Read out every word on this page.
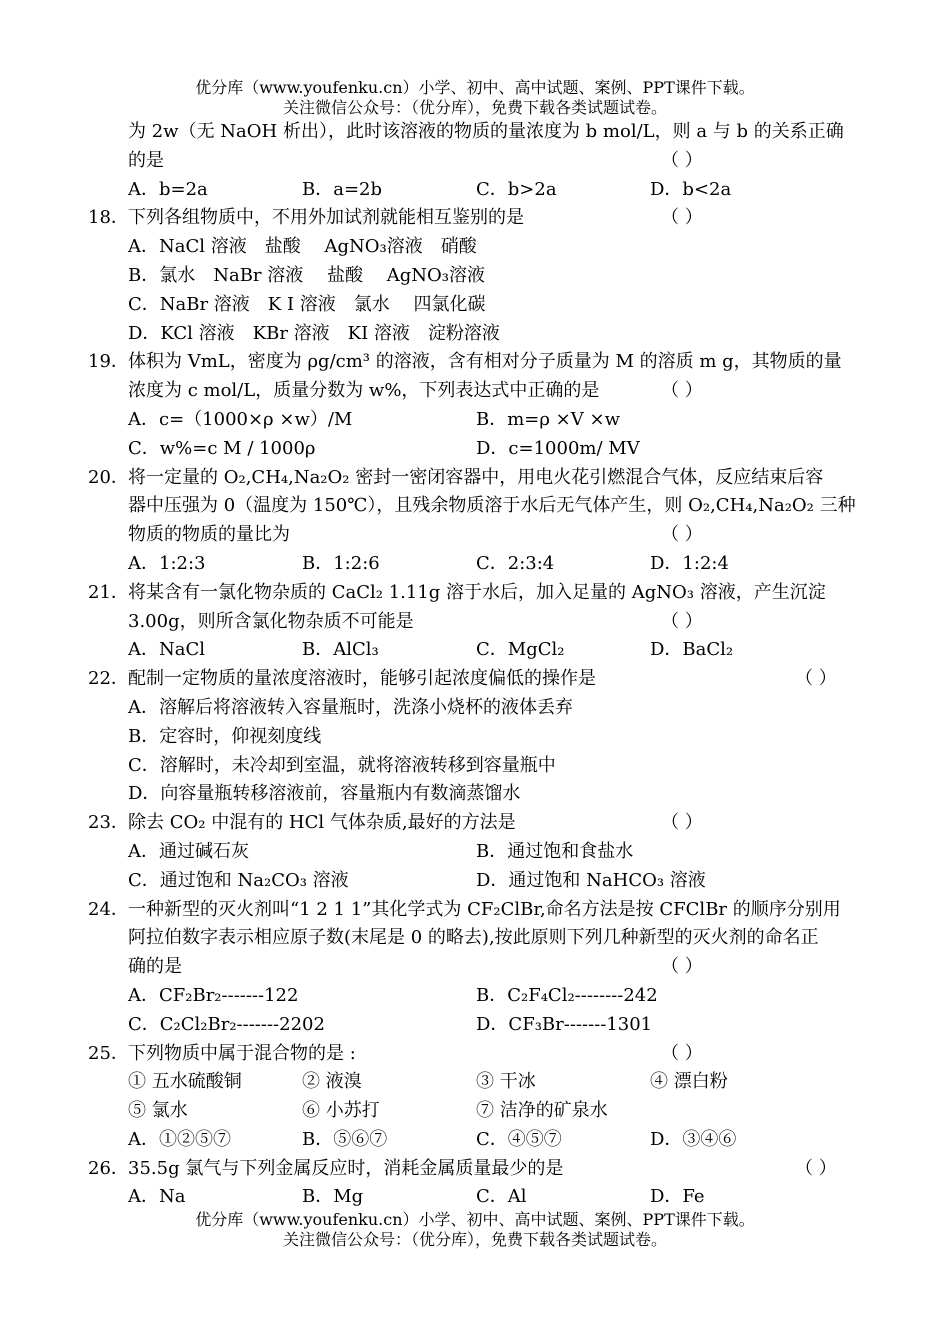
优分库（www.youfenku.cn）小学、初中、高中试题、案例、PPT课件下载。
关注微信公众号：（优分库），免费下载各类试题试卷。
为 2w（无 NaOH 析出），此时该溶液的物质的量浓度为 b mol/L，则 a 与 b 的关系正确
的是	（ ）
A．b=2a	B．a=2b	C．b>2a	D．b<2a
18．下列各组物质中，不用外加试剂就能相互鉴别的是	（ ）
A．NaCl 溶液　盐酸　 AgNO₃溶液　硝酸
B．氯水　NaBr 溶液　 盐酸　 AgNO₃溶液
C．NaBr 溶液　K I 溶液　氯水　 四氯化碳
D．KCl 溶液　KBr 溶液　KI 溶液　淀粉溶液
19．体积为 VmL，密度为 ρg/cm³ 的溶液，含有相对分子质量为 M 的溶质 m g，其物质的量
浓度为 c mol/L，质量分数为 w%，下列表达式中正确的是	（ ）
A．c=（1000×ρ ×w）/M	B．m=ρ ×V ×w
C．w%=c M / 1000ρ	D．c=1000m/ MV
20．将一定量的 O₂,CH₄,Na₂O₂ 密封一密闭容器中，用电火花引燃混合气体，反应结束后容
器中压强为 0（温度为 150℃），且残余物质溶于水后无气体产生，则 O₂,CH₄,Na₂O₂ 三种
物质的物质的量比为	（ ）
A．1:2:3	B．1:2:6	C．2:3:4	D．1:2:4
21．将某含有一氯化物杂质的 CaCl₂ 1.11g 溶于水后，加入足量的 AgNO₃ 溶液，产生沉淀
3.00g，则所含氯化物杂质不可能是	（ ）
A．NaCl	B．AlCl₃	C．MgCl₂	D．BaCl₂
22．配制一定物质的量浓度溶液时，能够引起浓度偏低的操作是	（ ）
A．溶解后将溶液转入容量瓶时，洗涤小烧杯的液体丢弃
B．定容时，仰视刻度线
C．溶解时，未冷却到室温，就将溶液转移到容量瓶中
D．向容量瓶转移溶液前，容量瓶内有数滴蒸馏水
23．除去 CO₂ 中混有的 HCl 气体杂质,最好的方法是	（ ）
A．通过碱石灰	B．通过饱和食盐水
C．通过饱和 Na₂CO₃ 溶液	D．通过饱和 NaHCO₃ 溶液
24．一种新型的灭火剂叫“1 2 1 1”其化学式为 CF₂ClBr,命名方法是按 CFClBr 的顺序分别用
阿拉伯数字表示相应原子数(末尾是 0 的略去),按此原则下列几种新型的灭火剂的命名正
确的是	（ ）
A．CF₂Br₂-------122	B．C₂F₄Cl₂--------242
C．C₂Cl₂Br₂-------2202	D．CF₃Br-------1301
25．下列物质中属于混合物的是 :	（ ）
① 五水硫酸铜	② 液溴	③ 干冰	④ 漂白粉
⑤ 氯水	⑥ 小苏打	⑦ 洁净的矿泉水
A．①②⑤⑦	B．⑤⑥⑦	C．④⑤⑦	D．③④⑥
26．35.5g 氯气与下列金属反应时，消耗金属质量最少的是	（ ）
A．Na	B．Mg	C．Al	D．Fe
优分库（www.youfenku.cn）小学、初中、高中试题、案例、PPT课件下载。
关注微信公众号：（优分库），免费下载各类试题试卷。
